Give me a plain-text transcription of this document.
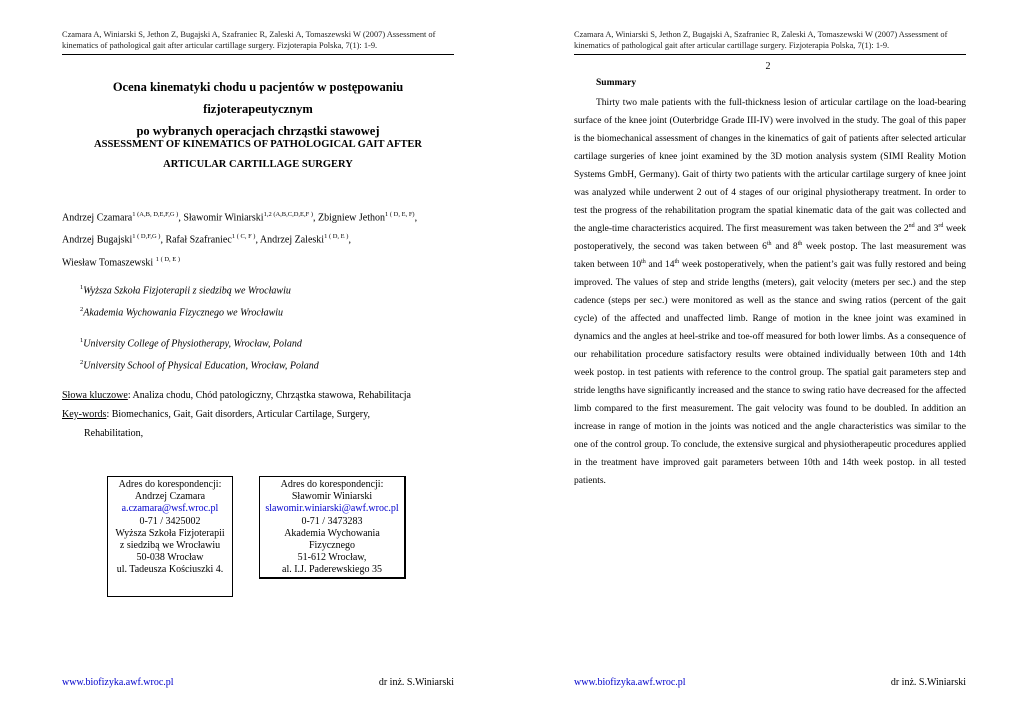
Czamara A, Winiarski S, Jethon Z, Bugajski A, Szafraniec R, Zaleski A, Tomaszewski W (2007) Assessment of
kinematics of pathological gait after articular cartillage surgery. Fizjoterapia Polska, 7(1): 1-9.
Ocena kinematyki chodu u pacjentów w postępowaniu fizjoterapeutycznym
po wybranych operacjach chrząstki stawowej
ASSESSMENT OF KINEMATICS OF PATHOLOGICAL GAIT AFTER
ARTICULAR CARTILLAGE SURGERY
Andrzej Czamara$^{1 (A,B, D,E,F,G )}$, Sławomir Winiarski$^{1,2 (A,B,C,D,E,F )}$, Zbigniew Jethon$^{1 ( D, E, F)}$,
Andrzej Bugajski$^{1 ( D,F,G )}$, Rafał Szafraniec$^{1 ( C, F )}$, Andrzej Zaleski$^{1 ( D, E )}$,
Wiesław Tomaszewski $^{1 ( D, E )}$
$^1$Wyższa Szkoła Fizjoterapii z siedzibą we Wrocławiu
$^2$Akademia Wychowania Fizycznego we Wrocławiu
$^1$University College of Physiotherapy, Wrocław, Poland
$^2$University School of Physical Education, Wrocław, Poland
Słowa kluczowe: Analiza chodu, Chód patologiczny, Chrząstka stawowa, Rehabilitacja
Key-words: Biomechanics, Gait, Gait disorders, Articular Cartilage, Surgery,
Rehabilitation,
Adres do korespondencji:
Andrzej Czamara
a.czamara@wsf.wroc.pl
0-71 / 3425002
Wyższa Szkoła Fizjoterapii
z siedzibą we Wrocławiu
50-038 Wrocław
ul. Tadeusza Kościuszki 4.
Adres do korespondencji:
Sławomir Winiarski
slawomir.winiarski@awf.wroc.pl
0-71 / 3473283
Akademia Wychowania Fizycznego
51-612 Wrocław,
al. I.J. Paderewskiego 35
www.biofizyka.awf.wroc.pl	dr inż. S.Winiarski
Czamara A, Winiarski S, Jethon Z, Bugajski A, Szafraniec R, Zaleski A, Tomaszewski W (2007) Assessment of
kinematics of pathological gait after articular cartillage surgery. Fizjoterapia Polska, 7(1): 1-9.
2
Summary
Thirty two male patients with the full-thickness lesion of articular cartilage on the load-bearing surface of the knee joint (Outerbridge Grade III-IV) were involved in the study. The goal of this paper is the biomechanical assessment of changes in the kinematics of gait of patients after selected articular cartilage surgeries of knee joint examined by the 3D motion analysis system (SIMI Reality Motion Systems GmbH, Germany). Gait of thirty two patients with the articular cartilage surgery of knee joint was analyzed while underwent 2 out of 4 stages of our original physiotherapy treatment. In order to test the progress of the rehabilitation program the spatial kinematic data of the gait was collected and the angle-time characteristics acquired. The first measurement was taken between the 2nd and 3rd week postoperatively, the second was taken between 6th and 8th week postop. The last measurement was taken between 10th and 14th week postoperatively, when the patient’s gait was fully restored and being improved. The values of step and stride lengths (meters), gait velocity (meters per sec.) and the step cadence (steps per sec.) were monitored as well as the stance and swing ratios (percent of the gait cycle) of the affected and unaffected limb. Range of motion in the knee joint was examined in dynamics and the angles at heel-strike and toe-off measured for both lower limbs. As a consequence of our rehabilitation procedure satisfactory results were obtained individually between 10th and 14th week postop. in test patients with reference to the control group. The spatial gait parameters step and stride lengths have significantly increased and the stance to swing ratio have decreased for the affected limb compared to the first measurement. The gait velocity was found to be doubled. In addition an increase in range of motion in the joints was noticed and the angle characteristics was similar to the one of the control group. To conclude, the extensive surgical and physiotherapeutic procedures applied in the treatment have improved gait parameters between 10th and 14th week postop. in all tested patients.
www.biofizyka.awf.wroc.pl	dr inż. S.Winiarski
